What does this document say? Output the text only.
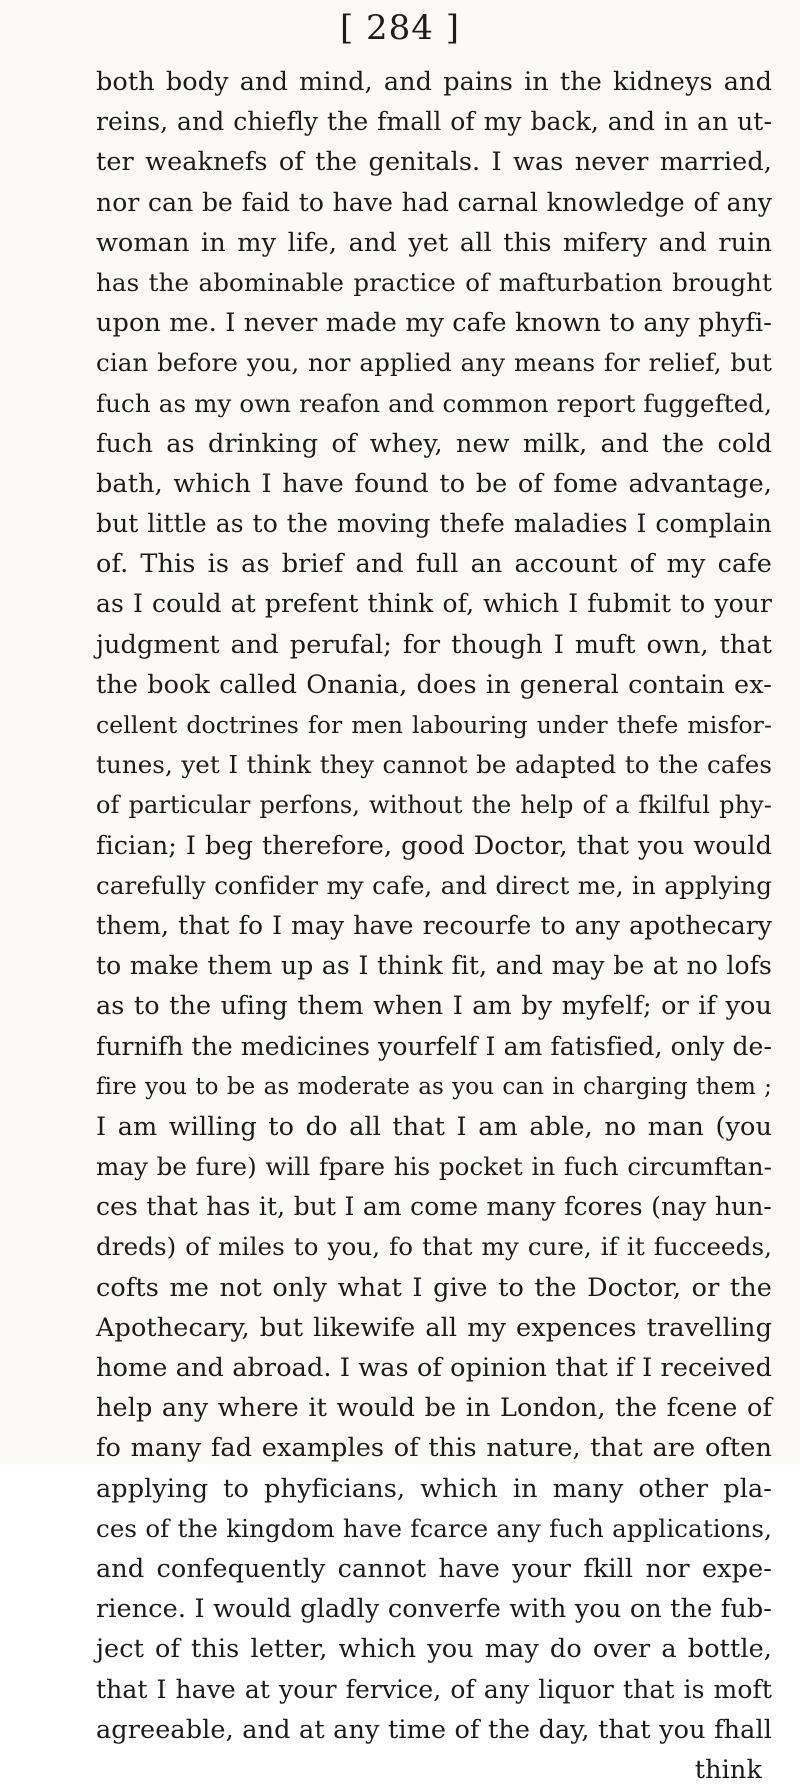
[ 284 ]
both body and mind, and pains in the kidneys and
reins, and chiefly the fmall of my back, and in an ut-
ter weaknefs of the genitals. I was never married,
nor can be faid to have had carnal knowledge of any
woman in my life, and yet all this mifery and ruin
has the abominable practice of mafturbation brought
upon me. I never made my cafe known to any phyfi-
cian before you, nor applied any means for relief, but
fuch as my own reafon and common report fuggefted,
fuch as drinking of whey, new milk, and the cold
bath, which I have found to be of fome advantage,
but little as to the moving thefe maladies I complain
of. This is as brief and full an account of my cafe
as I could at prefent think of, which I fubmit to your
judgment and perufal; for though I muft own, that
the book called Onania, does in general contain ex-
cellent doctrines for men labouring under thefe misfor-
tunes, yet I think they cannot be adapted to the cafes
of particular perfons, without the help of a fkilful phy-
fician; I beg therefore, good Doctor, that you would
carefully confider my cafe, and direct me, in applying
them, that fo I may have recourfe to any apothecary
to make them up as I think fit, and may be at no lofs
as to the ufing them when I am by myfelf; or if you
furnifh the medicines yourfelf I am fatisfied, only de-
fire you to be as moderate as you can in charging them ;
I am willing to do all that I am able, no man (you
may be fure) will fpare his pocket in fuch circumftan-
ces that has it, but I am come many fcores (nay hun-
dreds) of miles to you, fo that my cure, if it fucceeds,
cofts me not only what I give to the Doctor, or the
Apothecary, but likewife all my expences travelling
home and abroad. I was of opinion that if I received
help any where it would be in London, the fcene of
fo many fad examples of this nature, that are often
applying to phyficians, which in many other pla-
ces of the kingdom have fcarce any fuch applications,
and confequently cannot have your fkill nor expe-
rience. I would gladly converfe with you on the fub-
ject of this letter, which you may do over a bottle,
that I have at your fervice, of any liquor that is moft
agreeable, and at any time of the day, that you fhall
think
